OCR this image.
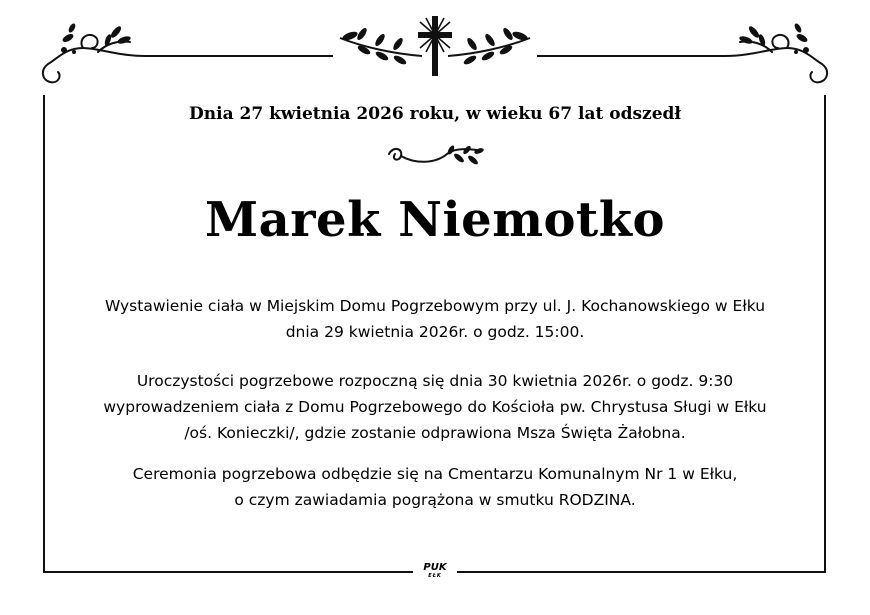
Dnia 27 kwietnia 2026 roku, w wieku 67 lat odszedł
Marek Niemotko
Wystawienie ciała w Miejskim Domu Pogrzebowym przy ul. J. Kochanowskiego w Ełku
dnia 29 kwietnia 2026r. o godz. 15:00.
Uroczystości pogrzebowe rozpoczną się dnia 30 kwietnia 2026r. o godz. 9:30
wyprowadzeniem ciała z Domu Pogrzebowego do Kościoła pw. Chrystusa Sługi w Ełku
/oś. Konieczki/, gdzie zostanie odprawiona Msza Święta Żałobna.
Ceremonia pogrzebowa odbędzie się na Cmentarzu Komunalnym Nr 1 w Ełku,
o czym zawiadamia pogrążona w smutku RODZINA.
PUK
EŁK
